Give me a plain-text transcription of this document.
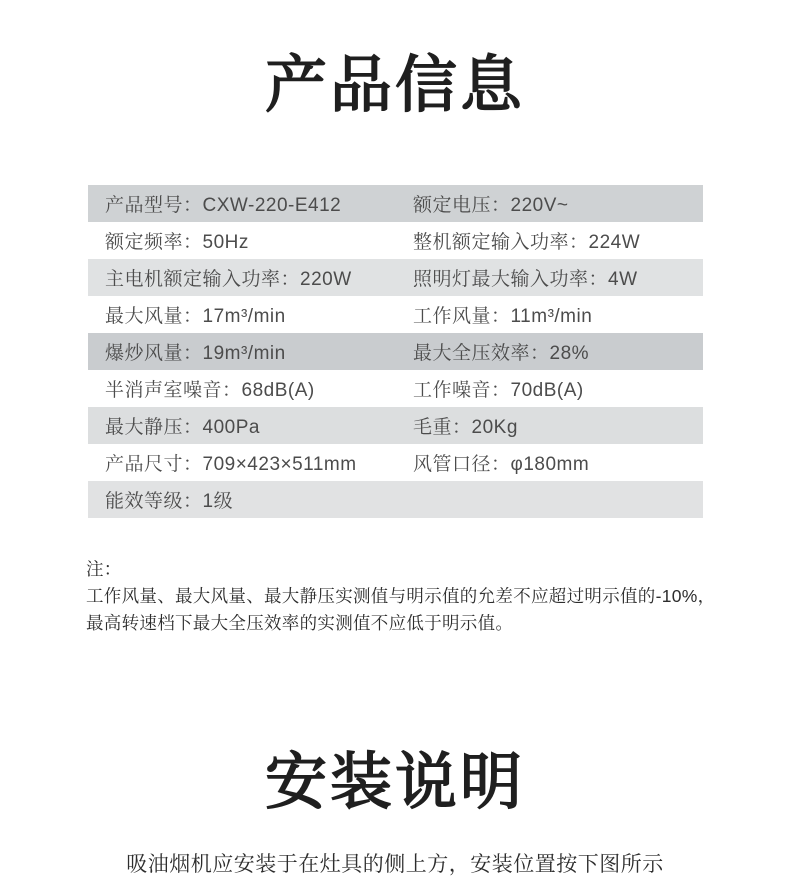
产品信息
产品型号： CXW-220-E412	额定电压： 220V~
额定频率： 50Hz	整机额定输入功率： 224W
主电机额定输入功率： 220W	照明灯最大输入功率： 4W
最大风量： 17m³/min	工作风量： 11m³/min
爆炒风量： 19m³/min	最大全压效率： 28%
半消声室噪音： 68dB(A)	工作噪音： 70dB(A)
最大静压： 400Pa	毛重： 20Kg
产品尺寸： 709×423×511mm	风管口径： φ180mm
能效等级： 1级
注：
工作风量、最大风量、最大静压实测值与明示值的允差不应超过明示值的-10%，
最高转速档下最大全压效率的实测值不应低于明示值。
安装说明
吸油烟机应安装于在灶具的侧上方，安装位置按下图所示
